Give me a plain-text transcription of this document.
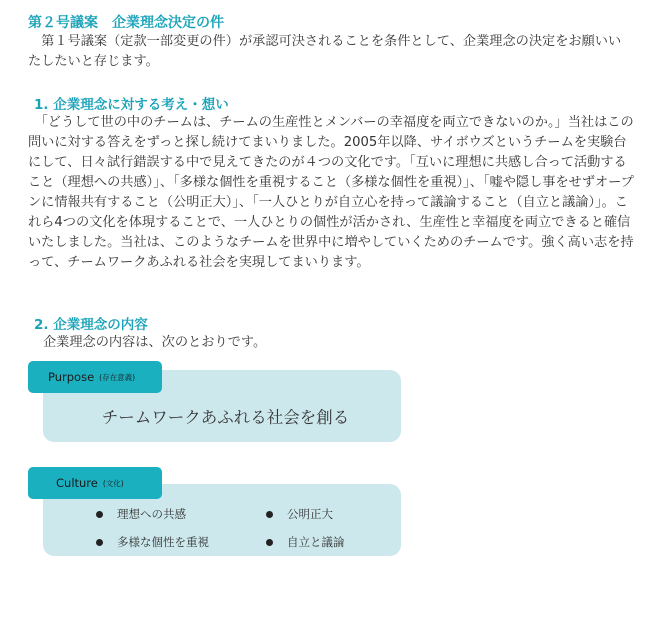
第２号議案　企業理念決定の件

　第１号議案（定款一部変更の件）が承認可決されることを条件として、企業理念の決定をお願いいたしたいと存じます。

1. 企業理念に対する考え・想い

　「どうして世の中のチームは、チームの生産性とメンバーの幸福度を両立できないのか。」当社はこの問いに対する答えをずっと探し続けてまいりました。2005年以降、サイボウズというチームを実験台にして、日々試行錯誤する中で見えてきたのが４つの文化です。「互いに理想に共感し合って活動すること（理想への共感）」、「多様な個性を重視すること（多様な個性を重視）」、「嘘や隠し事をせずオープンに情報共有すること（公明正大）」、「一人ひとりが自立心を持って議論すること（自立と議論）」。これら4つの文化を体現することで、一人ひとりの個性が活かされ、生産性と幸福度を両立できると確信いたしました。当社は、このようなチームを世界中に増やしていくためのチームです。強く高い志を持って、チームワークあふれる社会を実現してまいります。

2. 企業理念の内容

企業理念の内容は、次のとおりです。

チームワークあふれる社会を創る
Purpose (存在意義)
理想への共感	公明正大
多様な個性を重視	自立と議論
Culture (文化)
